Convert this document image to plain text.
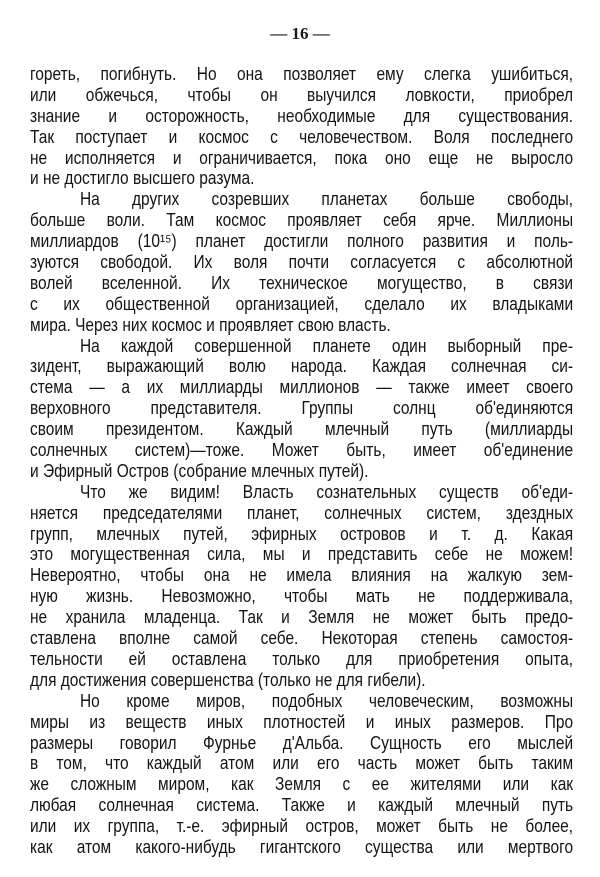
— 16 —
гореть, погибнуть. Но она позволяет ему слегка ушибиться,
или обжечься, чтобы он выучился ловкости, приобрел
знание и осторожность, необходимые для существования.
Так поступает и космос с человечеством. Воля последнего
не исполняется и ограничивается, пока оно еще не выросло
и не достигло высшего разума.
На других созревших планетах больше свободы,
больше воли. Там космос проявляет себя ярче. Миллионы
миллиардов (10¹⁵) планет достигли полного развития и поль-
зуются свободой. Их воля почти согласуется с абсолютной
волей вселенной. Их техническое могущество, в связи
с их общественной организацией, сделало их владыками
мира. Через них космос и проявляет свою власть.
На каждой совершенной планете один выборный пре-
зидент, выражающий волю народа. Каждая солнечная си-
стема — а их миллиарды миллионов — также имеет своего
верховного представителя. Группы солнц об'единяются
своим президентом. Каждый млечный путь (миллиарды
солнечных систем)—тоже. Может быть, имеет об'единение
и Эфирный Остров (собрание млечных путей).
Что же видим! Власть сознательных существ об'еди-
няется председателями планет, солнечных систем, здездных
групп, млечных путей, эфирных островов и т. д. Какая
это могущественная сила, мы и представить себе не можем!
Невероятно, чтобы она не имела влияния на жалкую зем-
ную жизнь. Невозможно, чтобы мать не поддерживала,
не хранила младенца. Так и Земля не может быть предо-
ставлена вполне самой себе. Некоторая степень самостоя-
тельности ей оставлена только для приобретения опыта,
для достижения совершенства (только не для гибели).
Но кроме миров, подобных человеческим, возможны
миры из веществ иных плотностей и иных размеров. Про
размеры говорил Фурнье д'Альба. Сущность его мыслей
в том, что каждый атом или его часть может быть таким
же сложным миром, как Земля с ее жителями или как
любая солнечная система. Также и каждый млечный путь
или их группа, т.-е. эфирный остров, может быть не более,
как атом какого-нибудь гигантского существа или мертвого
